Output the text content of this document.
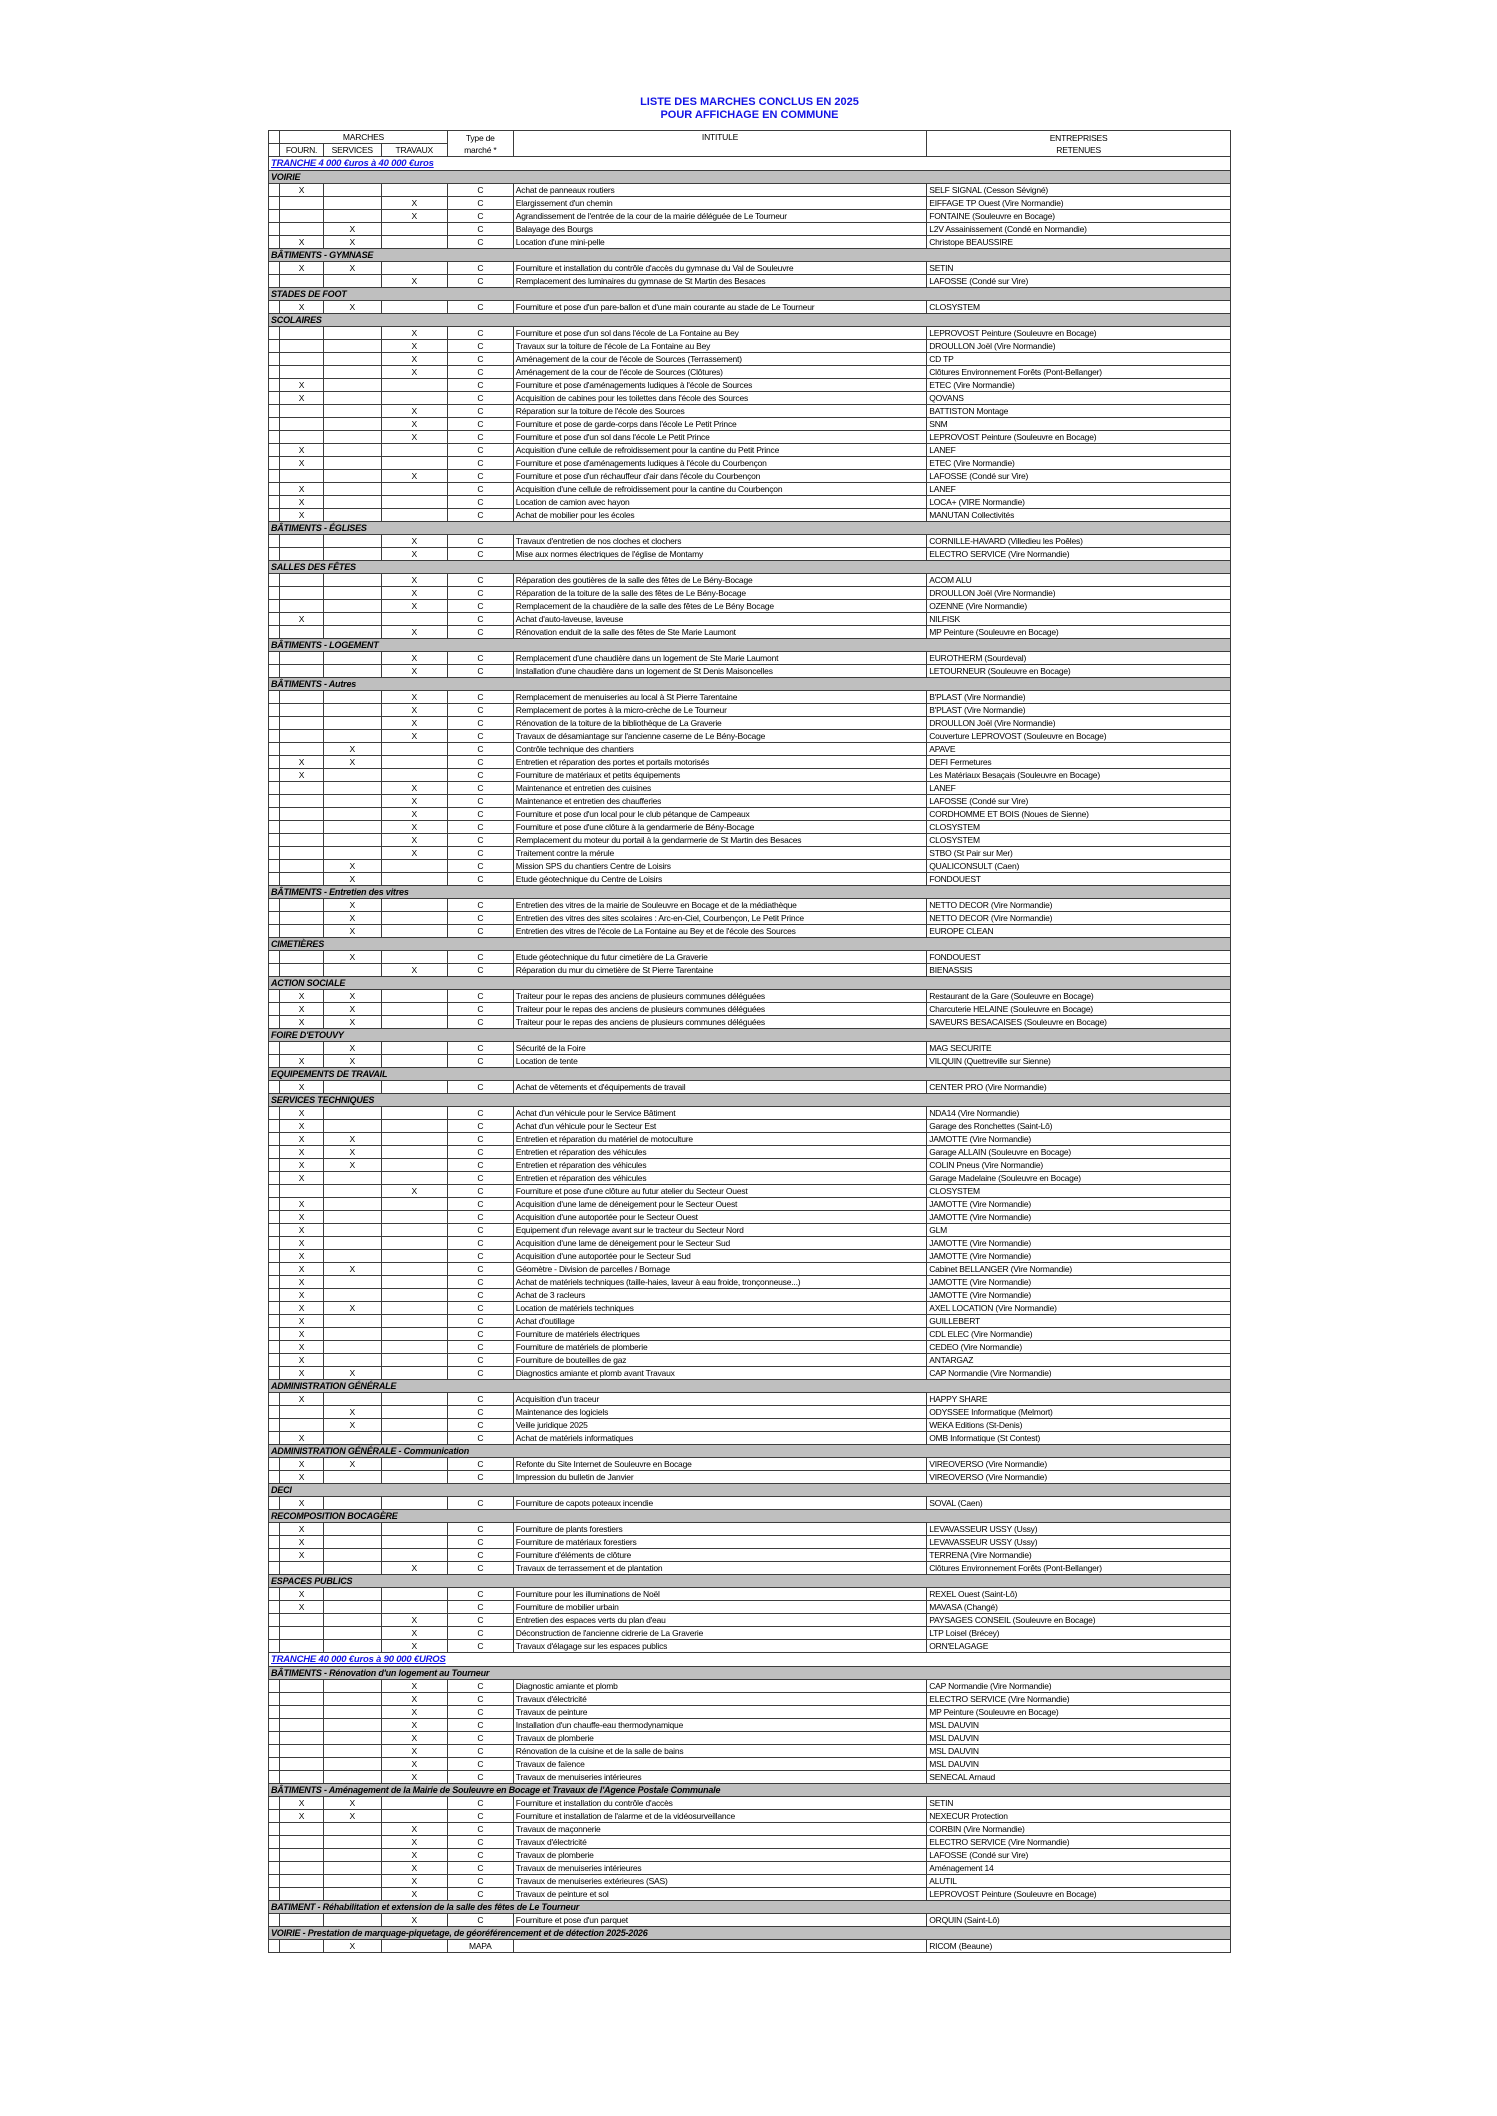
LISTE DES MARCHES CONCLUS EN 2025
POUR AFFICHAGE EN COMMUNE
	MARCHES	Type de
marché *
	INTITULE	ENTREPRISES
RETENUES

	FOURN.	SERVICES	TRAVAUX			
TRANCHE 4 000 €uros à 40 000 €uros						
VOIRIE						
	X			C	Achat de panneaux routiers	SELF SIGNAL (Cesson Sévigné)
			X	C	Elargissement d'un chemin	EIFFAGE TP Ouest (Vire Normandie)
			X	C	Agrandissement de l'entrée de la cour de la mairie déléguée de Le Tourneur	FONTAINE (Souleuvre en Bocage)
		X		C	Balayage des Bourgs	L2V Assainissement (Condé en Normandie)
	X	X		C	Location d'une mini-pelle	Christope BEAUSSIRE
BÂTIMENTS - GYMNASE						
	X	X		C	Fourniture et installation du contrôle d'accès du gymnase du Val de Souleuvre	SETIN
			X	C	Remplacement des luminaires du gymnase de St Martin des Besaces	LAFOSSE (Condé sur Vire)
STADES DE FOOT						
	X	X		C	Fourniture et pose d'un pare-ballon et d'une main courante au stade de Le Tourneur	CLOSYSTEM
SCOLAIRES						
			X	C	Fourniture et pose d'un sol dans l'école de La Fontaine au Bey	LEPROVOST Peinture (Souleuvre en Bocage)
			X	C	Travaux sur la toiture de l'école de La Fontaine au Bey	DROULLON Joël (Vire Normandie)
			X	C	Aménagement de la cour de l'école de Sources (Terrassement)	CD TP
			X	C	Aménagement de la cour de l'école de Sources (Clôtures)	Clôtures Environnement Forêts (Pont-Bellanger)
	X			C	Fourniture et pose d'aménagements ludiques à l'école de Sources	ETEC (Vire Normandie)
	X			C	Acquisition de cabines pour les toilettes dans l'école des Sources	QOVANS
			X	C	Réparation sur la toiture de l'école des Sources	BATTISTON Montage
			X	C	Fourniture et pose de garde-corps dans l'école Le Petit Prince	SNM
			X	C	Fourniture et pose d'un sol dans l'école Le Petit Prince	LEPROVOST Peinture (Souleuvre en Bocage)
	X			C	Acquisition d'une cellule de refroidissement pour la cantine du Petit Prince	LANEF
	X			C	Fourniture et pose d'aménagements ludiques à l'école du Courbençon	ETEC (Vire Normandie)
			X	C	Fourniture et pose d'un réchauffeur d'air dans l'école du Courbençon	LAFOSSE (Condé sur Vire)
	X			C	Acquisition d'une cellule de refroidissement pour la cantine du Courbençon	LANEF
	X			C	Location de camion avec hayon	LOCA+ (VIRE Normandie)
	X			C	Achat de mobilier pour les écoles	MANUTAN Collectivités
BÂTIMENTS - ÉGLISES						
			X	C	Travaux d'entretien de nos cloches et clochers	CORNILLE-HAVARD (Villedieu les Poêles)
			X	C	Mise aux normes électriques de l'église de Montamy	ELECTRO SERVICE (Vire Normandie)
SALLES DES FÊTES						
			X	C	Réparation des goutières de la salle des fêtes de Le Bény-Bocage	ACOM ALU
			X	C	Réparation de la toiture de la salle des fêtes de Le Bény-Bocage	DROULLON Joël (Vire Normandie)
			X	C	Remplacement de la chaudière de la salle des fêtes de Le Bény Bocage	OZENNE (Vire Normandie)
	X			C	Achat d'auto-laveuse, laveuse	NILFISK
			X	C	Rénovation enduit de la salle des fêtes de Ste Marie Laumont	MP Peinture (Souleuvre en Bocage)
BÂTIMENTS - LOGEMENT						
			X	C	Remplacement d'une chaudière dans un logement de Ste Marie Laumont	EUROTHERM (Sourdeval)
			X	C	Installation d'une chaudière dans un logement de St Denis Maisoncelles	LETOURNEUR (Souleuvre en Bocage)
BÂTIMENTS - Autres						
			X	C	Remplacement de menuiseries au local à St Pierre Tarentaine	B'PLAST (Vire Normandie)
			X	C	Remplacement de portes à la micro-crèche de Le Tourneur	B'PLAST (Vire Normandie)
			X	C	Rénovation de la toiture de la bibliothèque de La Graverie	DROULLON Joël (Vire Normandie)
			X	C	Travaux de désamiantage sur l'ancienne caserne de Le Bény-Bocage	Couverture LEPROVOST (Souleuvre en Bocage)
		X		C	Contrôle technique des chantiers	APAVE
	X	X		C	Entretien et réparation des portes et portails motorisés	DEFI Fermetures
	X			C	Fourniture de matériaux et petits équipements	Les Matériaux Besaçais (Souleuvre en Bocage)
			X	C	Maintenance et entretien des cuisines	LANEF
			X	C	Maintenance et entretien des chaufferies	LAFOSSE (Condé sur Vire)
			X	C	Fourniture et pose d'un local pour le club pétanque de Campeaux	CORDHOMME ET BOIS (Noues de Sienne)
			X	C	Fourniture et pose d'une clôture à la gendarmerie de Bény-Bocage	CLOSYSTEM
			X	C	Remplacement du moteur du portail à la gendarmerie de St Martin des Besaces	CLOSYSTEM
			X	C	Traitement contre la mérule	STBO (St Pair sur Mer)
		X		C	Mission SPS du chantiers Centre de Loisirs	QUALICONSULT (Caen)
		X		C	Etude géotechnique du Centre de Loisirs	FONDOUEST
BÂTIMENTS - Entretien des vitres						
		X		C	Entretien des vitres de la mairie de Souleuvre en Bocage et de la médiathèque	NETTO DECOR (Vire Normandie)
		X		C	Entretien des vitres des sites scolaires : Arc-en-Ciel, Courbençon, Le Petit Prince	NETTO DECOR (Vire Normandie)
		X		C	Entretien des vitres de l'école de La Fontaine au Bey et de l'école des Sources	EUROPE CLEAN
CIMETIÈRES						
		X		C	Etude géotechnique du futur cimetière de La Graverie	FONDOUEST
			X	C	Réparation du mur du cimetière de St Pierre Tarentaine	BIENASSIS
ACTION SOCIALE						
	X	X		C	Traiteur pour le repas des anciens de plusieurs communes déléguées	Restaurant de la Gare (Souleuvre en Bocage)
	X	X		C	Traiteur pour le repas des anciens de plusieurs communes déléguées	Charcuterie HELAINE (Souleuvre en Bocage)
	X	X		C	Traiteur pour le repas des anciens de plusieurs communes déléguées	SAVEURS BESACAISES (Souleuvre en Bocage)
FOIRE D'ETOUVY						
		X		C	Sécurité de la Foire	MAG SECURITE
	X	X		C	Location de tente	VILQUIN (Quettreville sur Sienne)
EQUIPEMENTS DE TRAVAIL						
	X			C	Achat de vêtements et d'équipements de travail	CENTER PRO (Vire Normandie)
SERVICES TECHNIQUES						
	X			C	Achat d'un véhicule pour le Service Bâtiment	NDA14 (Vire Normandie)
	X			C	Achat d'un véhicule pour le Secteur Est	Garage des Ronchettes (Saint-Lô)
	X	X		C	Entretien et réparation du matériel de motoculture	JAMOTTE (Vire Normandie)
	X	X		C	Entretien et réparation des véhicules	Garage ALLAIN (Souleuvre en Bocage)
	X	X		C	Entretien et réparation des véhicules	COLIN Pneus (Vire Normandie)
	X			C	Entretien et réparation des véhicules	Garage Madelaine (Souleuvre en Bocage)
			X	C	Fourniture et pose d'une clôture au futur atelier du Secteur Ouest	CLOSYSTEM
	X			C	Acquisition d'une lame de déneigement pour le Secteur Ouest	JAMOTTE (Vire Normandie)
	X			C	Acquisition d'une autoportée pour le Secteur Ouest	JAMOTTE (Vire Normandie)
	X			C	Equipement d'un relevage avant sur le tracteur du Secteur Nord	GLM
	X			C	Acquisition d'une lame de déneigement pour le Secteur Sud	JAMOTTE (Vire Normandie)
	X			C	Acquisition d'une autoportée pour le Secteur Sud	JAMOTTE (Vire Normandie)
	X	X		C	Géomètre - Division de parcelles / Bornage	Cabinet BELLANGER (Vire Normandie)
	X			C	Achat de matériels techniques (taille-haies, laveur à eau froide, tronçonneuse...)	JAMOTTE (Vire Normandie)
	X			C	Achat de 3 racleurs	JAMOTTE (Vire Normandie)
	X	X		C	Location de matériels techniques	AXEL LOCATION (Vire Normandie)
	X			C	Achat d'outillage	GUILLEBERT
	X			C	Fourniture de matériels électriques	CDL ELEC (Vire Normandie)
	X			C	Fourniture de matériels de plomberie	CEDEO (Vire Normandie)
	X			C	Fourniture de bouteilles de gaz	ANTARGAZ
	X	X		C	Diagnostics amiante et plomb avant Travaux	CAP Normandie (Vire Normandie)
ADMINISTRATION GÉNÉRALE						
	X			C	Acquisition d'un traceur	HAPPY SHARE
		X		C	Maintenance des logiciels	ODYSSEE Informatique (Melmort)
		X		C	Veille juridique 2025	WEKA Editions (St-Denis)
	X			C	Achat de matériels informatiques	OMB Informatique (St Contest)
ADMINISTRATION GÉNÉRALE - Communication						
	X	X		C	Refonte du Site Internet de Souleuvre en Bocage	VIREOVERSO (Vire Normandie)
	X			C	Impression du bulletin de Janvier	VIREOVERSO (Vire Normandie)
DECI						
	X			C	Fourniture de capots poteaux incendie	SOVAL (Caen)
RECOMPOSITION BOCAGÈRE						
	X			C	Fourniture de plants forestiers	LEVAVASSEUR USSY (Ussy)
	X			C	Fourniture de matériaux forestiers	LEVAVASSEUR USSY (Ussy)
	X			C	Fourniture d'éléments de clôture	TERRENA (Vire Normandie)
			X	C	Travaux de terrassement et de plantation	Clôtures Environnement Forêts (Pont-Bellanger)
ESPACES PUBLICS						
	X			C	Fourniture pour les illuminations de Noël	REXEL Ouest (Saint-Lô)
	X			C	Fourniture de mobilier urbain	MAVASA (Changé)
			X	C	Entretien des espaces verts du plan d'eau	PAYSAGES CONSEIL (Souleuvre en Bocage)
			X	C	Déconstruction de l'ancienne cidrerie de La Graverie	LTP Loisel (Brécey)
			X	C	Travaux d'élagage sur les espaces publics	ORN'ELAGAGE
TRANCHE 40 000 €uros à 90 000 €UROS						
BÂTIMENTS - Rénovation d'un logement au Tourneur						
			X	C	Diagnostic amiante et plomb	CAP Normandie (Vire Normandie)
			X	C	Travaux d'électricité	ELECTRO SERVICE (Vire Normandie)
			X	C	Travaux de peinture	MP Peinture (Souleuvre en Bocage)
			X	C	Installation d'un chauffe-eau thermodynamique	MSL DAUVIN
			X	C	Travaux de plomberie	MSL DAUVIN
			X	C	Rénovation de la cuisine et de la salle de bains	MSL DAUVIN
			X	C	Travaux de faïence	MSL DAUVIN
			X	C	Travaux de menuiseries intérieures	SENECAL Arnaud
BÂTIMENTS - Aménagement de la Mairie de Souleuvre en Bocage et Travaux de l'Agence Postale Communale						
	X	X		C	Fourniture et installation du contrôle d'accès	SETIN
	X	X		C	Fourniture et installation de l'alarme et de la vidéosurveillance	NEXECUR Protection
			X	C	Travaux de maçonnerie	CORBIN (Vire Normandie)
			X	C	Travaux d'électricité	ELECTRO SERVICE (Vire Normandie)
			X	C	Travaux de plomberie	LAFOSSE (Condé sur Vire)
			X	C	Travaux de menuiseries intérieures	Aménagement 14
			X	C	Travaux de menuiseries extérieures (SAS)	ALUTIL
			X	C	Travaux de peinture et sol	LEPROVOST Peinture (Souleuvre en Bocage)
BATIMENT - Réhabilitation et extension de la salle des fêtes de Le Tourneur						
			X	C	Fourniture et pose d'un parquet	ORQUIN (Saint-Lô)
VOIRIE - Prestation de marquage-piquetage, de géoréférencement et de détection 2025-2026						
		X		MAPA		RICOM (Beaune)
